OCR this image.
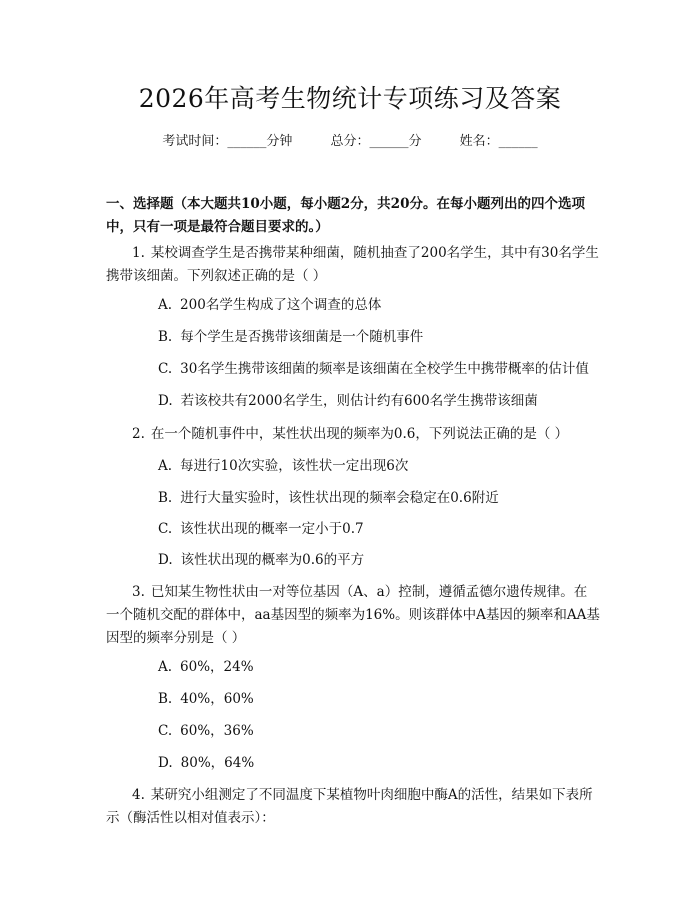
2026年高考生物统计专项练习及答案
考试时间：______分钟	总分：______分	姓名：______
一、选择题（本大题共10小题，每小题2分，共20分。在每小题列出的四个选项中，只有一项是最符合题目要求的。）
1. 某校调查学生是否携带某种细菌，随机抽查了200名学生，其中有30名学生携带该细菌。下列叙述正确的是（ ）
A. 200名学生构成了这个调查的总体
B. 每个学生是否携带该细菌是一个随机事件
C. 30名学生携带该细菌的频率是该细菌在全校学生中携带概率的估计值
D. 若该校共有2000名学生，则估计约有600名学生携带该细菌
2. 在一个随机事件中，某性状出现的频率为0.6，下列说法正确的是（ ）
A. 每进行10次实验，该性状一定出现6次
B. 进行大量实验时，该性状出现的频率会稳定在0.6附近
C. 该性状出现的概率一定小于0.7
D. 该性状出现的概率为0.6的平方
3. 已知某生物性状由一对等位基因（A、a）控制，遵循孟德尔遗传规律。在一个随机交配的群体中，aa基因型的频率为16%。则该群体中A基因的频率和AA基因型的频率分别是（ ）
A. 60%，24%
B. 40%，60%
C. 60%，36%
D. 80%，64%
4. 某研究小组测定了不同温度下某植物叶肉细胞中酶A的活性，结果如下表所示（酶活性以相对值表示）：
